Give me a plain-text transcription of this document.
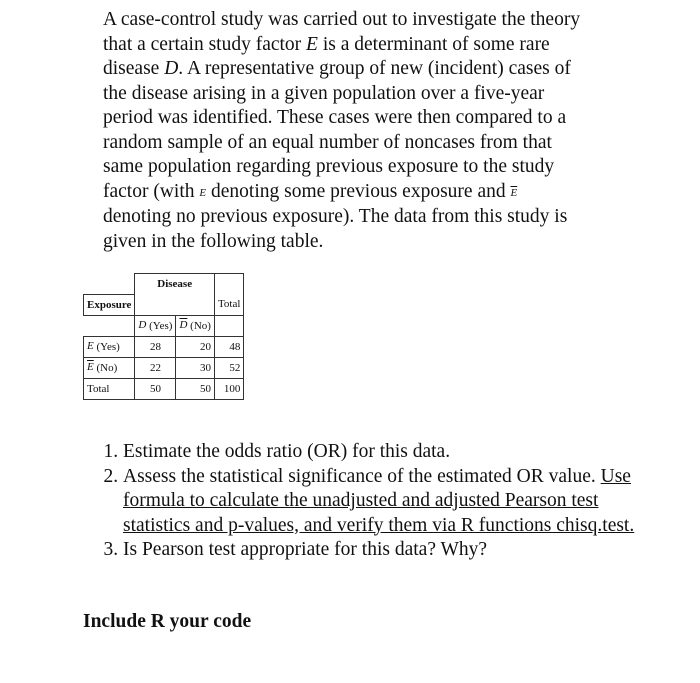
A case-control study was carried out to investigate the theory
that a certain study factor E is a determinant of some rare
disease D. A representative group of new (incident) cases of
the disease arising in a given population over a five-year
period was identified. These cases were then compared to a
random sample of an equal number of noncases from that
same population regarding previous exposure to the study
factor (with E denoting some previous exposure and $\overline{E}$
denoting no previous exposure). The data from this study is
given in the following table.
	Disease		
Exposure			Total
	D (Yes)	$\overline{D}$ (No)	
E (Yes)	28	20	48
$\overline{E}$ (No)	22	30	52
Total	50	50	100
1. Estimate the odds ratio (OR) for this data.
2. Assess the statistical significance of the estimated OR value. Use formula to calculate the unadjusted and adjusted Pearson test statistics and p-values, and verify them via R functions chisq.test.
3. Is Pearson test appropriate for this data? Why?

Include R your code
